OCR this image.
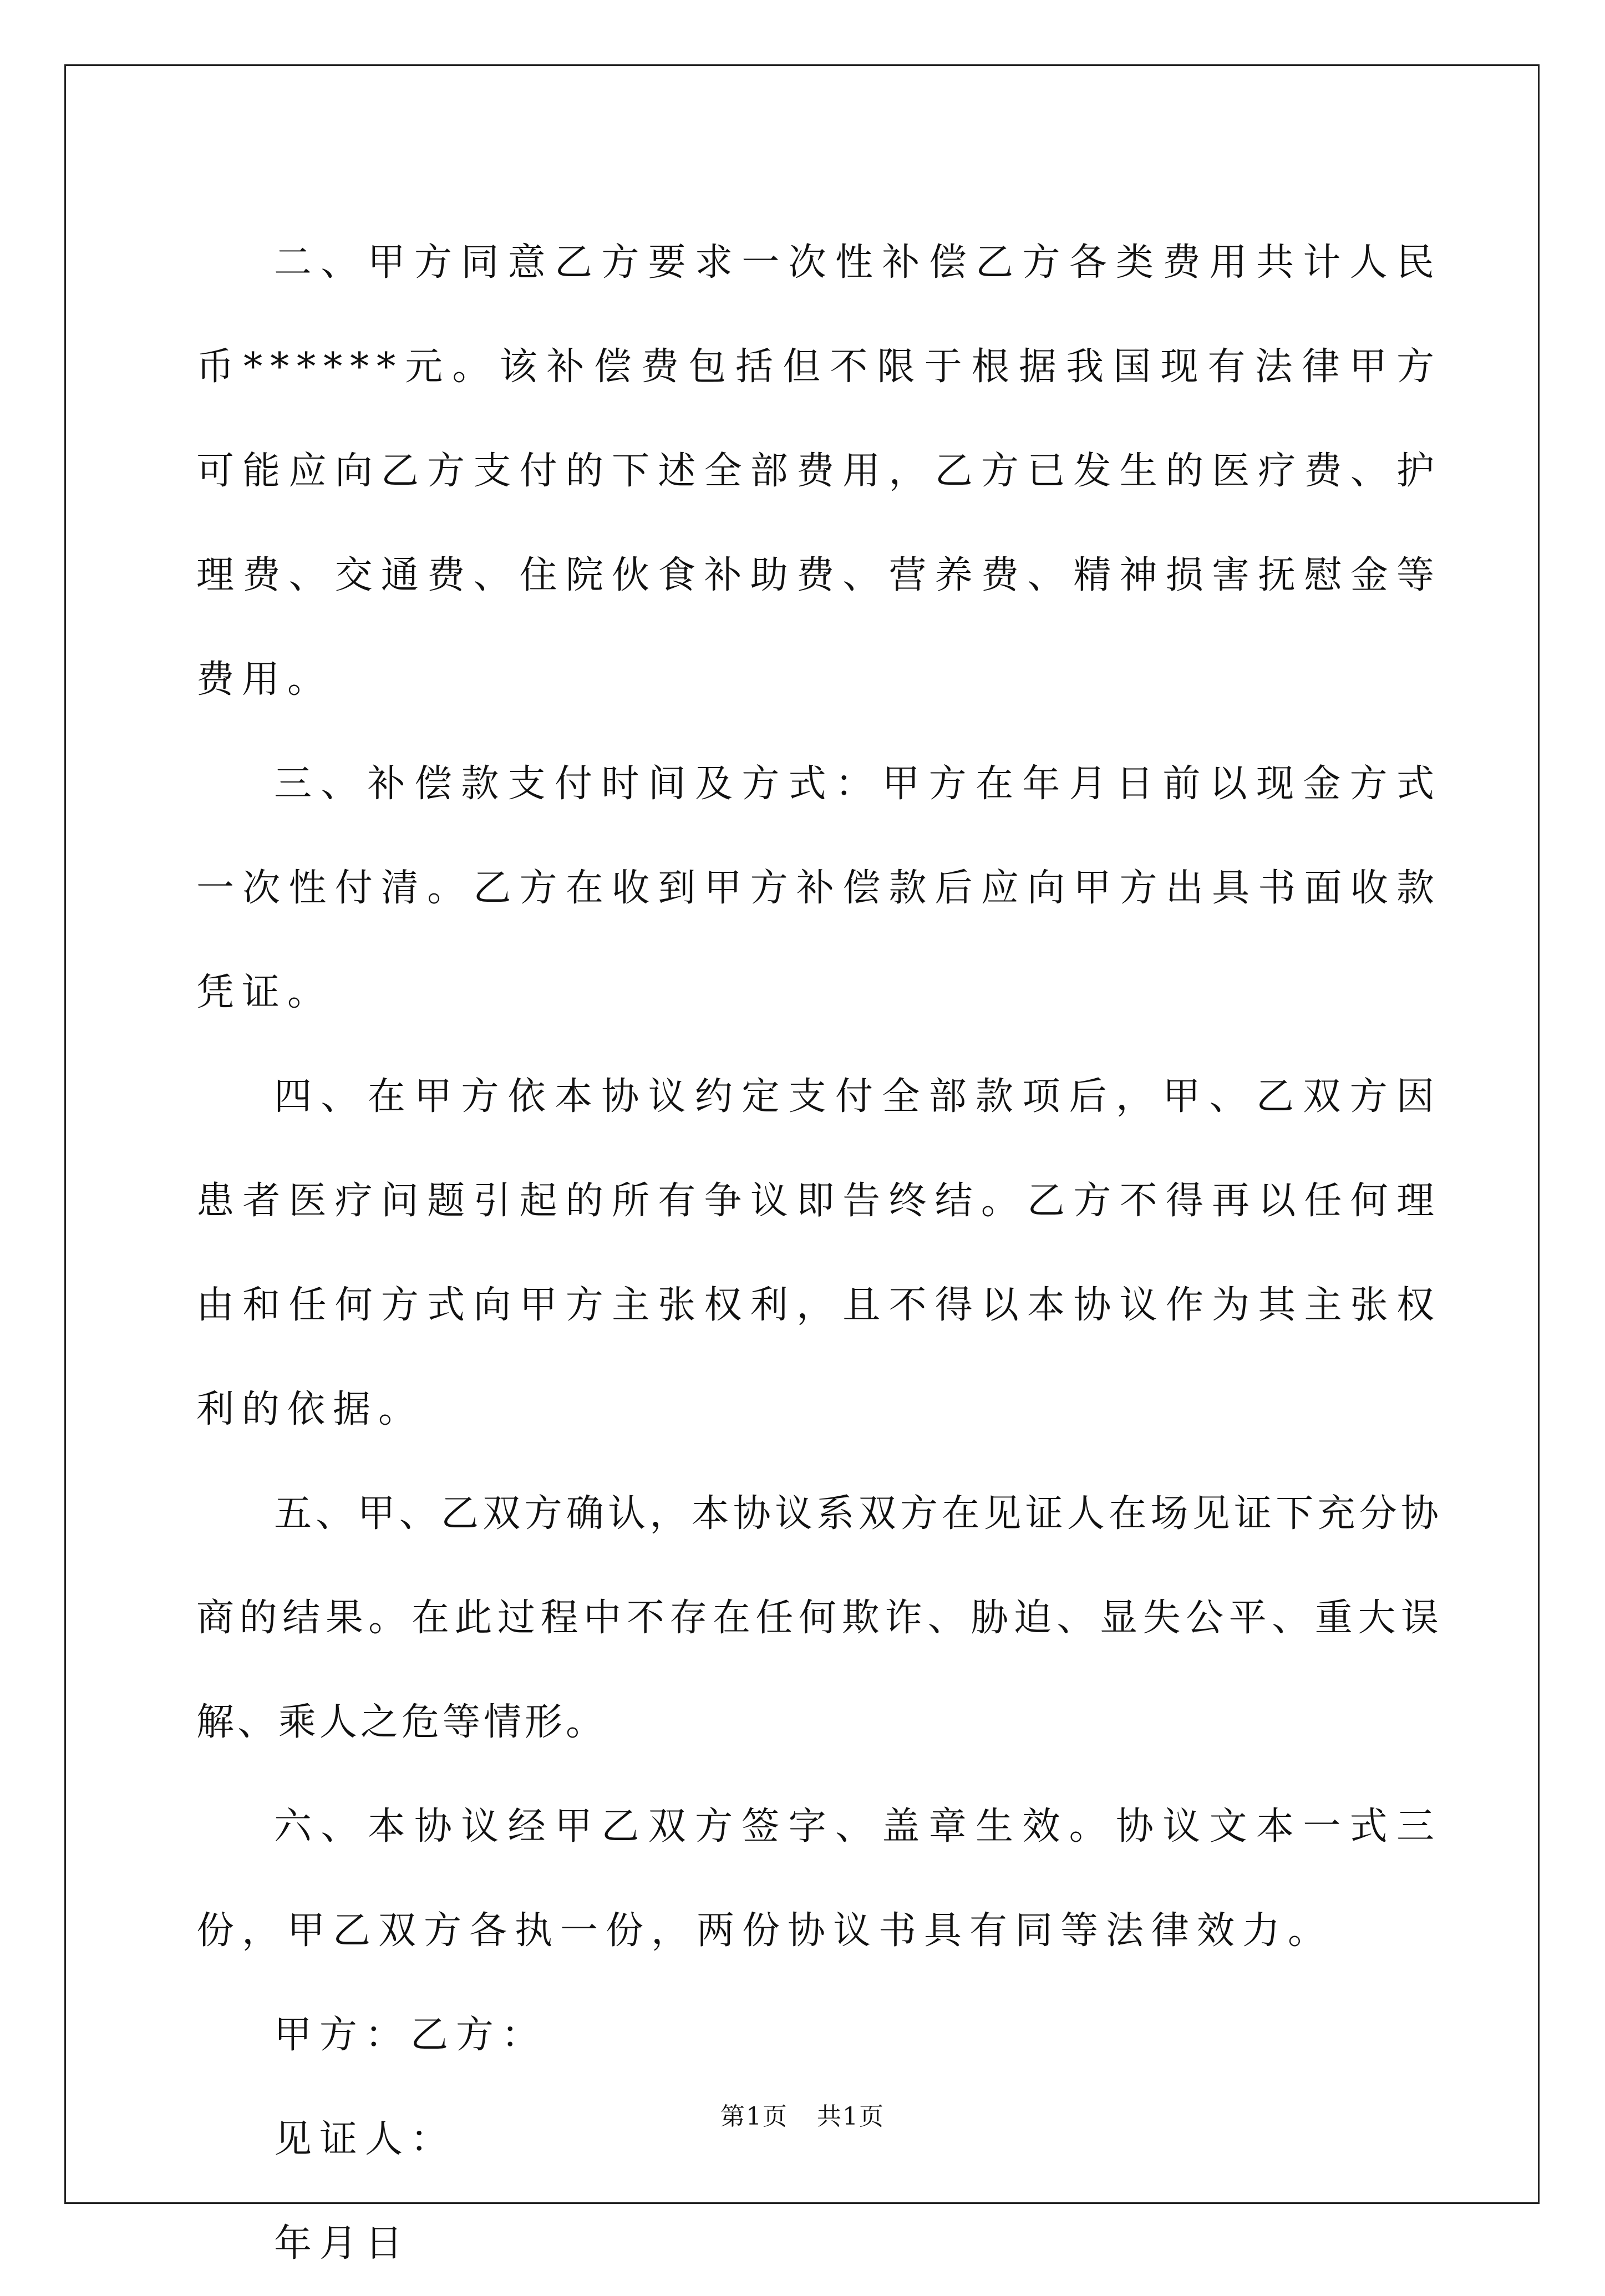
二、甲方同意乙方要求一次性补偿乙方各类费用共计人民币******元。该补偿费包括但不限于根据我国现有法律甲方可能应向乙方支付的下述全部费用，乙方已发生的医疗费、护理费、交通费、住院伙食补助费、营养费、精神损害抚慰金等费用。

三、补偿款支付时间及方式：甲方在年月日前以现金方式一次性付清。乙方在收到甲方补偿款后应向甲方出具书面收款凭证。

四、在甲方依本协议约定支付全部款项后，甲、乙双方因患者医疗问题引起的所有争议即告终结。乙方不得再以任何理由和任何方式向甲方主张权利，且不得以本协议作为其主张权利的依据。

五、甲、乙双方确认，本协议系双方在见证人在场见证下充分协商的结果。在此过程中不存在任何欺诈、胁迫、显失公平、重大误解、乘人之危等情形。

六、本协议经甲乙双方签字、盖章生效。协议文本一式三份，甲乙双方各执一份，两份协议书具有同等法律效力。

甲方：乙方：

见证人：

年月日

第1页 共1页
